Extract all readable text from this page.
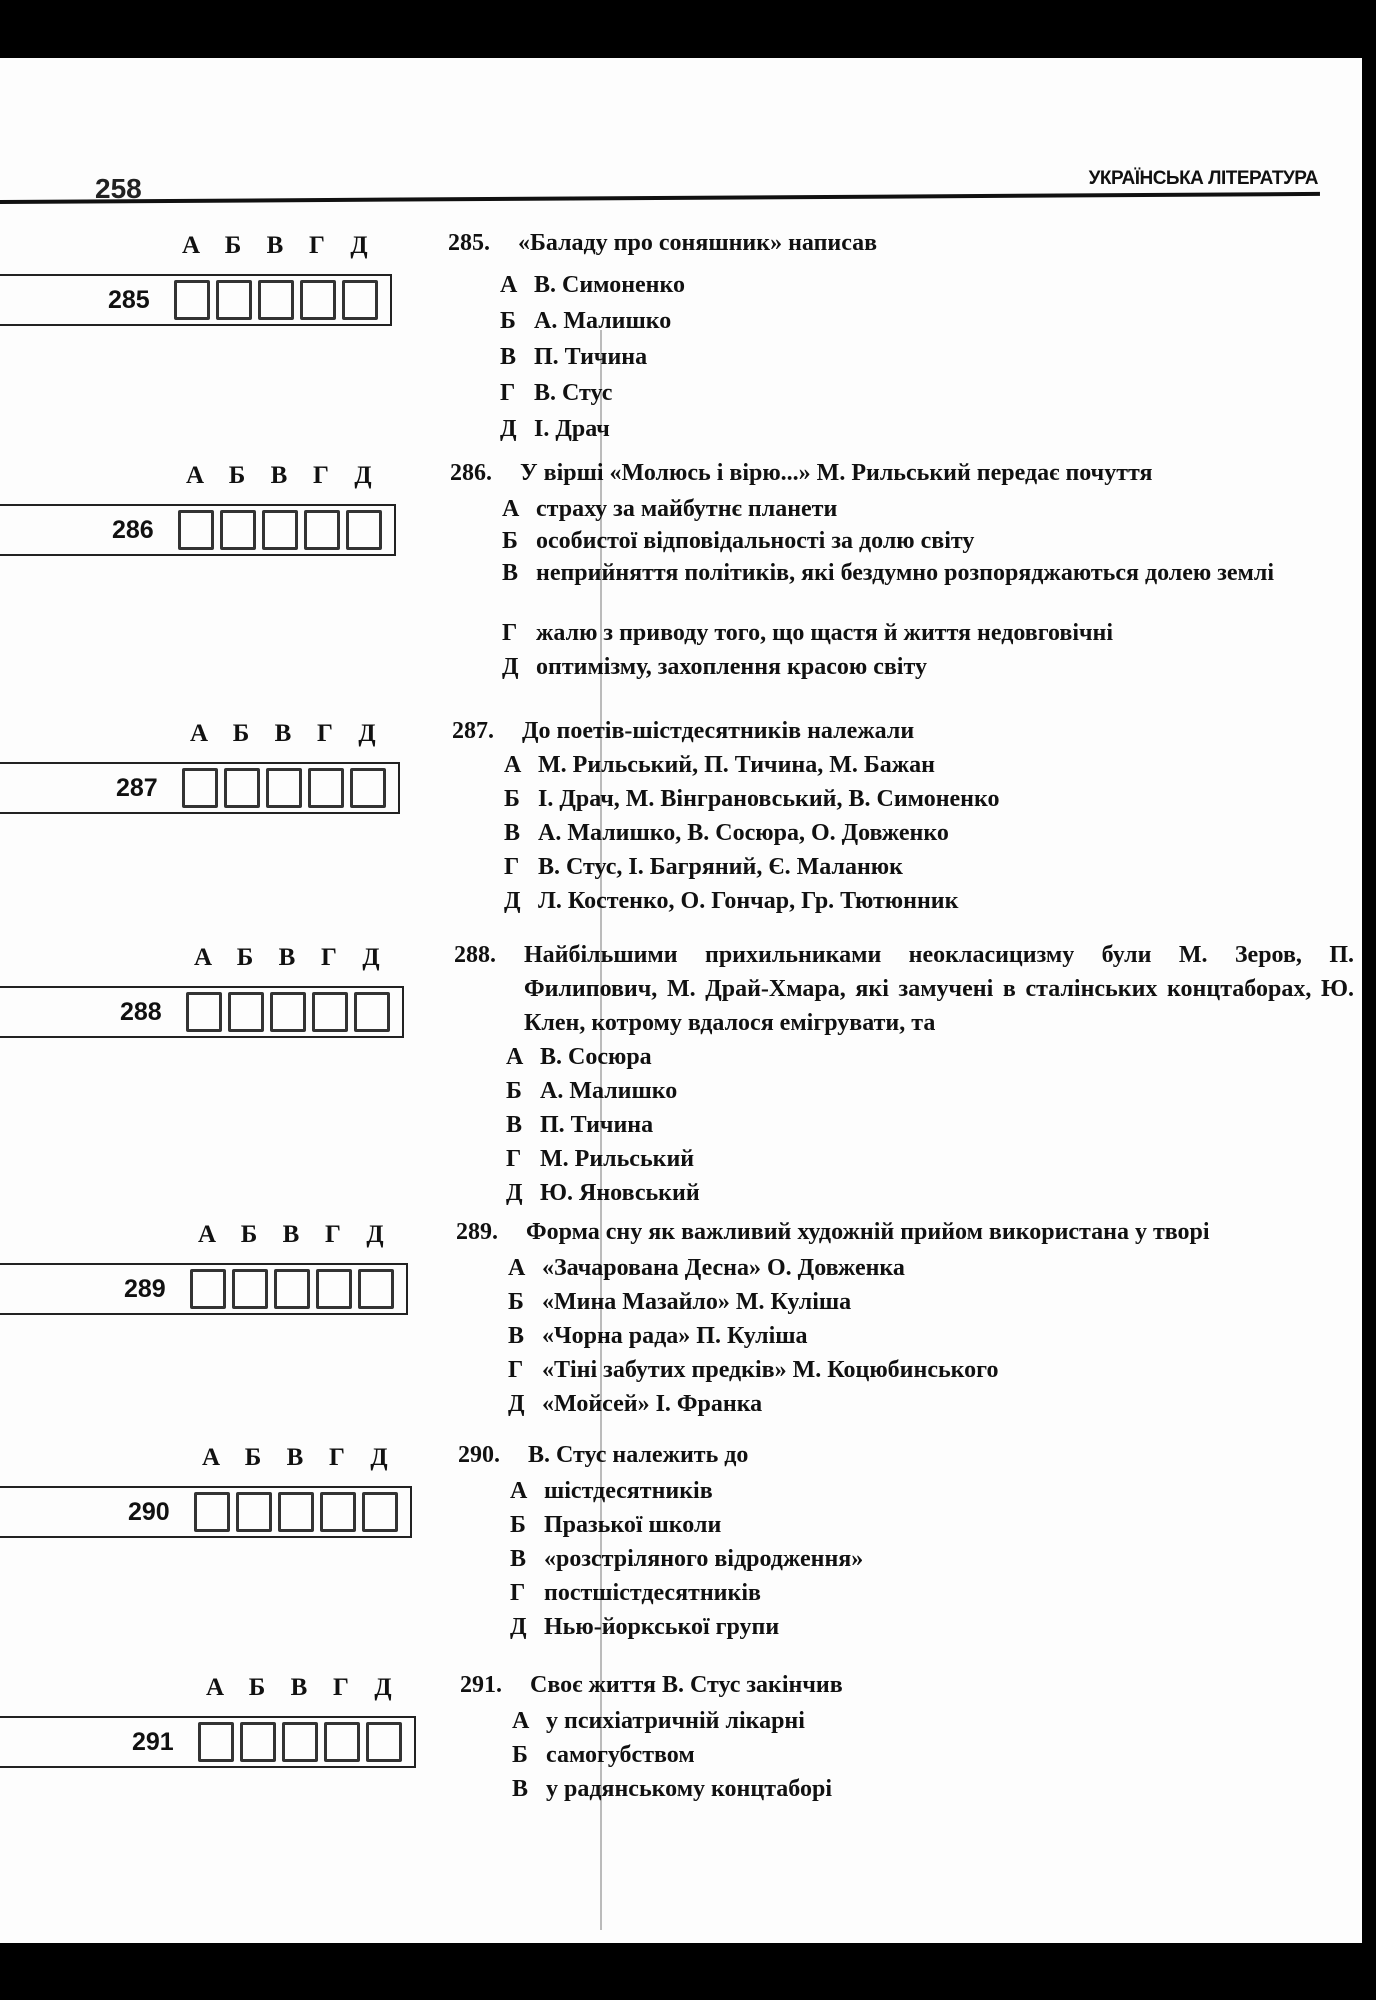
258	УКРАЇНСЬКА ЛІТЕРАТУРА
А Б	В	Г	Д
285
285. «Баладу про соняшник» написав
А В. Симоненко
Б А. Малишко
В П. Тичина
Г В. Стус
Д І. Драч
А Б	В	Г	Д
286
286. У вірші «Молюсь і вірю...» М. Рильський передає почуття
А страху за майбутнє планети
Б особистої відповідальності за долю світу
В неприйняття політиків, які бездумно розпоряджаються долею землі
Г жалю з приводу того, що щастя й життя недовговічні
Д оптимізму, захоплення красою світу
А Б	В	Г	Д
287
287. До поетів-шістдесятників належали
А М. Рильський, П. Тичина, М. Бажан
Б І. Драч, М. Вінграновський, В. Симоненко
В А. Малишко, В. Сосюра, О. Довженко
Г В. Стус, І. Багряний, Є. Маланюк
Д Л. Костенко, О. Гончар, Гр. Тютюнник
А Б	В	Г	Д
288
288. Найбільшими прихильниками неокласицизму були М. Зеров, П. Филипович, М. Драй-Хмара, які замучені в сталінських концтаборах, Ю. Клен, котрому вдалося емігрувати, та
А В. Сосюра
Б А. Малишко
В П. Тичина
Г М. Рильський
Д Ю. Яновський
А Б	В	Г	Д
289
289. Форма сну як важливий художній прийом використана у творі
А «Зачарована Десна» О. Довженка
Б «Мина Мазайло» М. Куліша
В «Чорна рада» П. Куліша
Г «Тіні забутих предків» М. Коцюбинського
Д «Мойсей» І. Франка
А Б	В	Г	Д
290
290. В. Стус належить до
А шістдесятників
Б Празької школи
В «розстріляного відродження»
Г постшістдесятників
Д Нью-йоркської групи
А Б	В	Г	Д
291
291. Своє життя В. Стус закінчив
А у психіатричній лікарні
Б самогубством
В у радянському концтаборі
